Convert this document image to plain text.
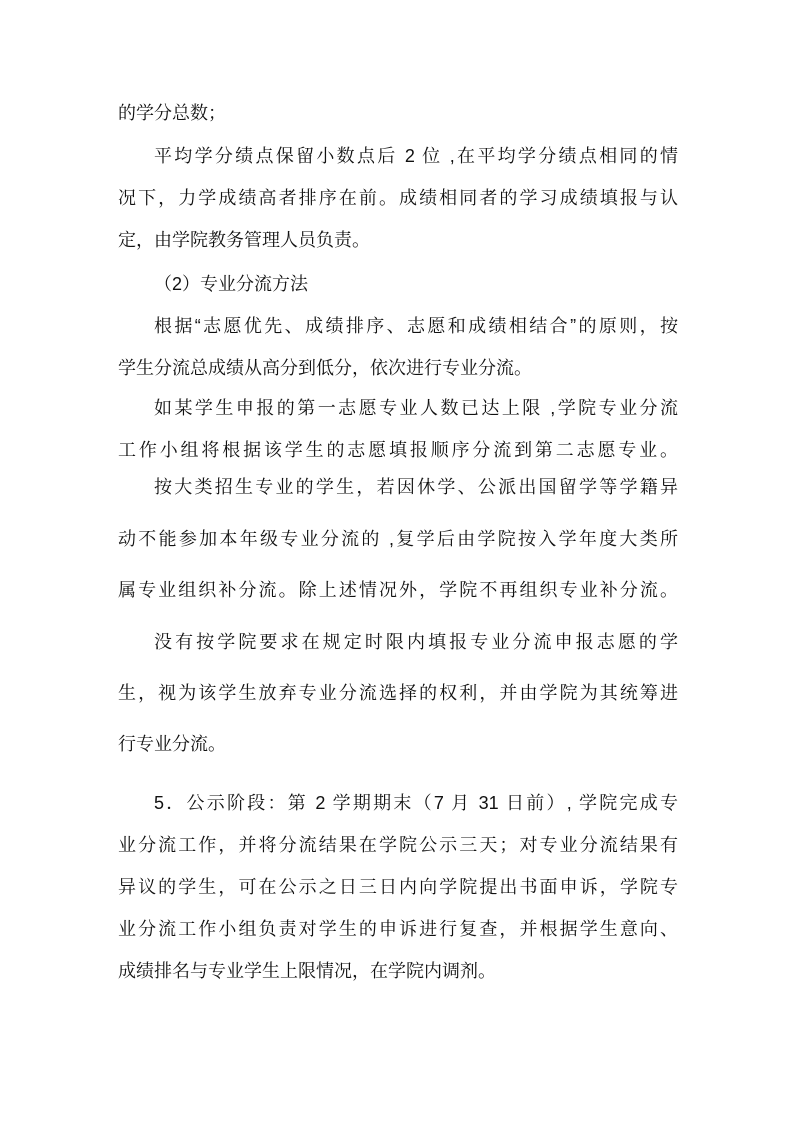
的学分总数；
平均学分绩点保留小数点后 2 位 ,在平均学分绩点相同的情
况下，力学成绩高者排序在前。成绩相同者的学习成绩填报与认
定，由学院教务管理人员负责。
（2）专业分流方法
根据“志愿优先、成绩排序、志愿和成绩相结合”的原则，按
学生分流总成绩从高分到低分，依次进行专业分流。
如某学生申报的第一志愿专业人数已达上限 ,学院专业分流
工作小组将根据该学生的志愿填报顺序分流到第二志愿专业。
按大类招生专业的学生，若因休学、公派出国留学等学籍异
动不能参加本年级专业分流的 ,复学后由学院按入学年度大类所
属专业组织补分流。除上述情况外，学院不再组织专业补分流。
没有按学院要求在规定时限内填报专业分流申报志愿的学
生，视为该学生放弃专业分流选择的权利，并由学院为其统筹进
行专业分流。
5．公示阶段：第 2 学期期末（7 月 31 日前）, 学院完成专
业分流工作，并将分流结果在学院公示三天；对专业分流结果有
异议的学生，可在公示之日三日内向学院提出书面申诉，学院专
业分流工作小组负责对学生的申诉进行复查，并根据学生意向、
成绩排名与专业学生上限情况，在学院内调剂。
